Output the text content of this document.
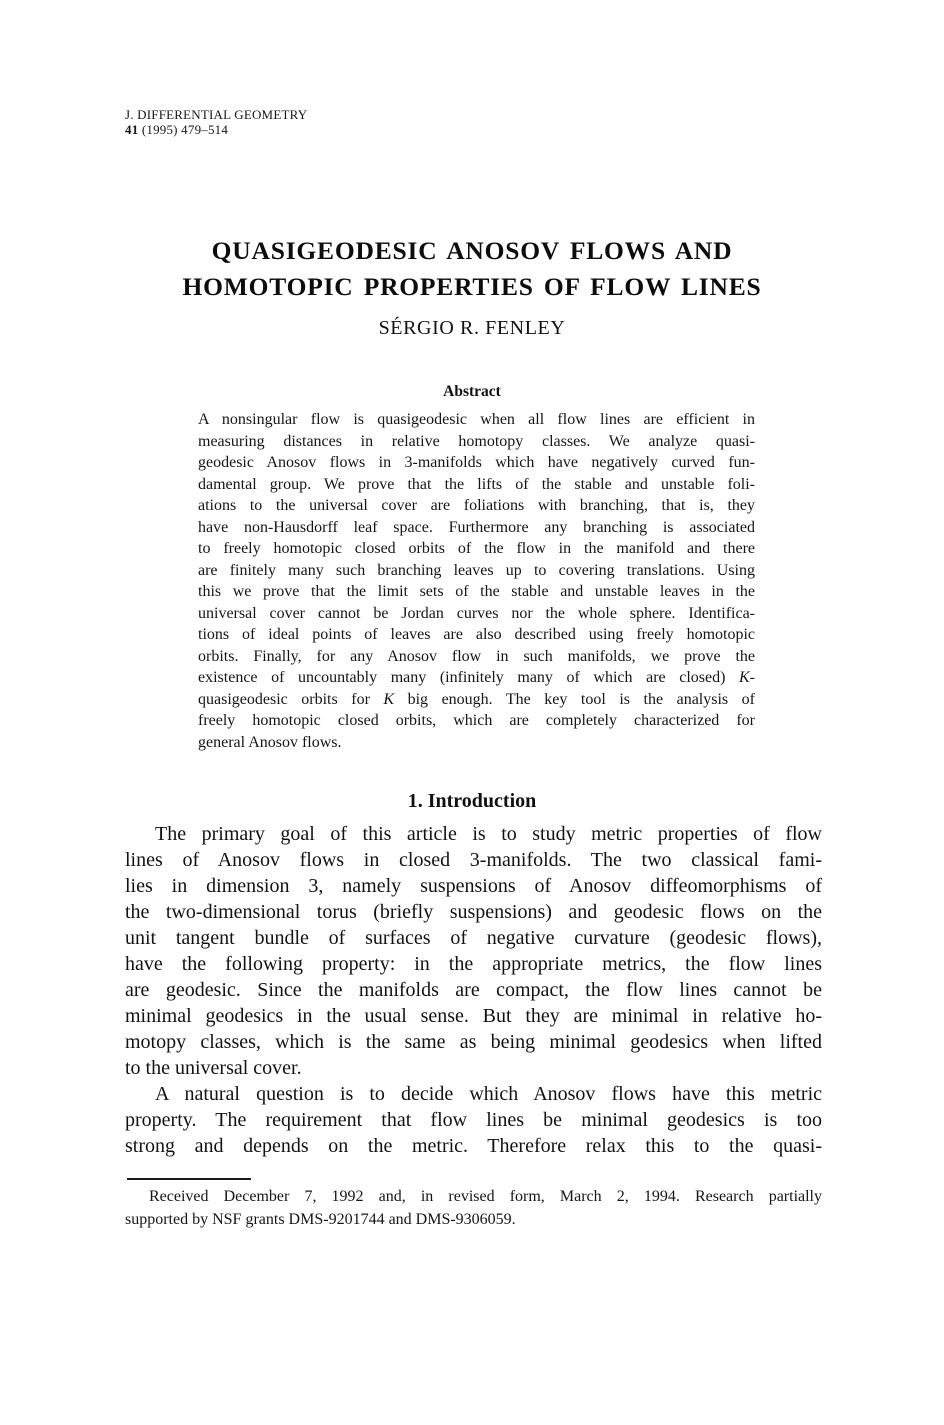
J. DIFFERENTIAL GEOMETRY
41 (1995) 479–514
QUASIGEODESIC ANOSOV FLOWS AND
HOMOTOPIC PROPERTIES OF FLOW LINES
SÉRGIO R. FENLEY
Abstract
A nonsingular flow is quasigeodesic when all flow lines are efficient in
measuring distances in relative homotopy classes. We analyze quasi-
geodesic Anosov flows in 3-manifolds which have negatively curved fun-
damental group. We prove that the lifts of the stable and unstable foli-
ations to the universal cover are foliations with branching, that is, they
have non-Hausdorff leaf space. Furthermore any branching is associated
to freely homotopic closed orbits of the flow in the manifold and there
are finitely many such branching leaves up to covering translations. Using
this we prove that the limit sets of the stable and unstable leaves in the
universal cover cannot be Jordan curves nor the whole sphere. Identifica-
tions of ideal points of leaves are also described using freely homotopic
orbits. Finally, for any Anosov flow in such manifolds, we prove the
existence of uncountably many (infinitely many of which are closed) K-
quasigeodesic orbits for K big enough. The key tool is the analysis of
freely homotopic closed orbits, which are completely characterized for
general Anosov flows.
1. Introduction
The primary goal of this article is to study metric properties of flow
lines of Anosov flows in closed 3-manifolds. The two classical fami-
lies in dimension 3, namely suspensions of Anosov diffeomorphisms of
the two-dimensional torus (briefly suspensions) and geodesic flows on the
unit tangent bundle of surfaces of negative curvature (geodesic flows),
have the following property: in the appropriate metrics, the flow lines
are geodesic. Since the manifolds are compact, the flow lines cannot be
minimal geodesics in the usual sense. But they are minimal in relative ho-
motopy classes, which is the same as being minimal geodesics when lifted
to the universal cover.
A natural question is to decide which Anosov flows have this metric
property. The requirement that flow lines be minimal geodesics is too
strong and depends on the metric. Therefore relax this to the quasi-
Received December 7, 1992 and, in revised form, March 2, 1994. Research partially
supported by NSF grants DMS-9201744 and DMS-9306059.
